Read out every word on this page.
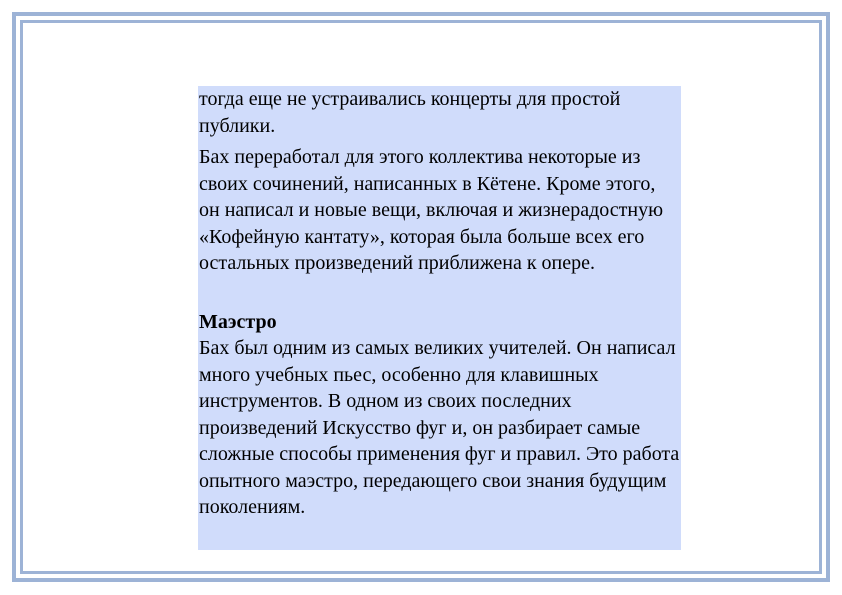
тогда еще не устраивались концерты для простой публики.

Бах переработал для этого коллектива некоторые из своих сочинений, написанных в Кётене. Кроме этого, он написал и новые вещи, включая и жизнерадостную «Кофейную кантату», которая была больше всех его остальных произведений приближена к опере.

Маэстро

Бах был одним из самых великих учителей. Он написал много учебных пьес, особенно для клавишных инструментов. В одном из своих последних произведений Искусство фуг и, он разбирает самые сложные способы применения фуг и правил. Это работа опытного маэстро, передающего свои знания будущим поколениям.
